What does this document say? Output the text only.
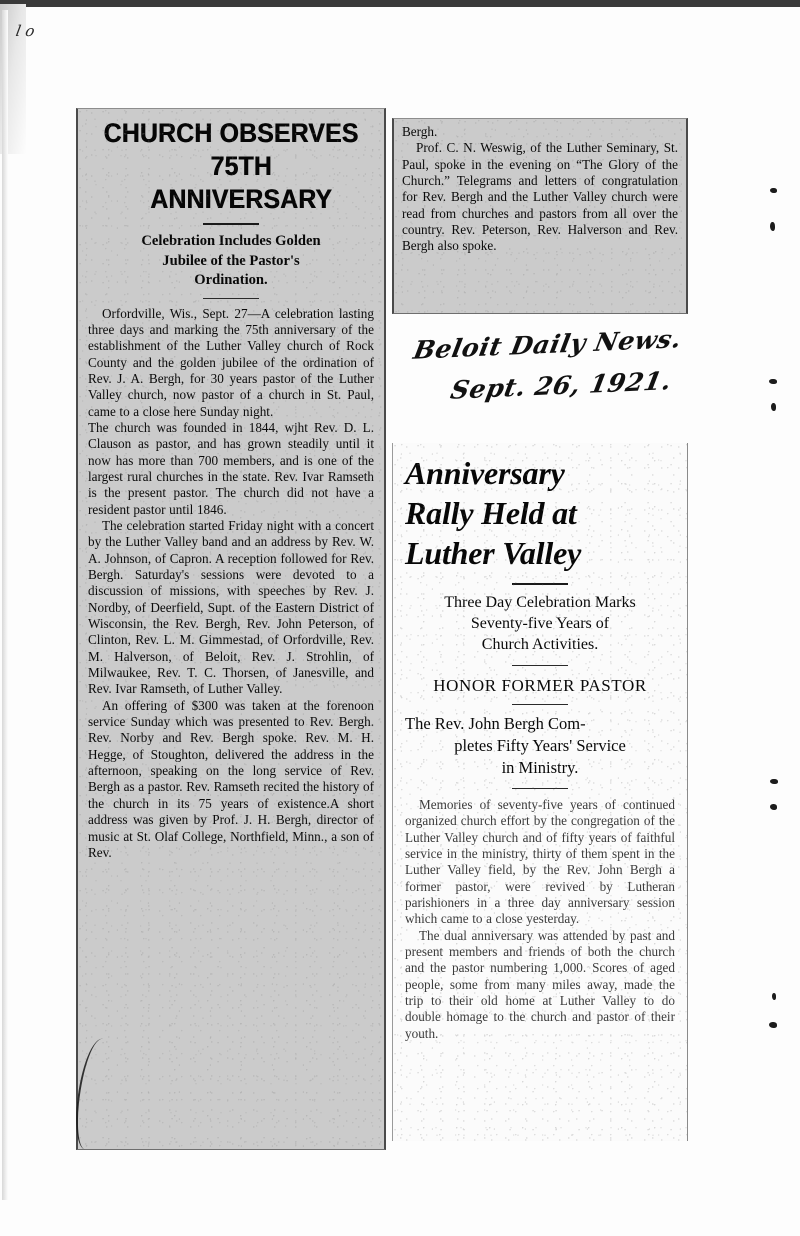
l o
CHURCH OBSERVES
75TH ANNIVERSARY
Celebration Includes Golden
Jubilee of the Pastor's
Ordination.

Orfordville, Wis., Sept. 27—A celebration lasting three days and marking the 75th anniversary of the establishment of the Luther Valley church of Rock County and the golden jubilee of the ordination of Rev. J. A. Bergh, for 30 years pastor of the Luther Valley church, now pastor of a church in St. Paul, came to a close here Sunday night.

The church was founded in 1844, wjht Rev. D. L. Clauson as pastor, and has grown steadily until it now has more than 700 members, and is one of the largest rural churches in the state. Rev. Ivar Ramseth is the present pastor. The church did not have a resident pastor until 1846.

The celebration started Friday night with a concert by the Luther Valley band and an address by Rev. W. A. Johnson, of Capron. A reception followed for Rev. Bergh. Saturday's sessions were devoted to a discussion of missions, with speeches by Rev. J. Nordby, of Deerfield, Supt. of the Eastern District of Wisconsin, the Rev. Bergh, Rev. John Peterson, of Clinton, Rev. L. M. Gimmestad, of Orfordville, Rev. M. Halverson, of Beloit, Rev. J. Strohlin, of Milwaukee, Rev. T. C. Thorsen, of Janesville, and Rev. Ivar Ramseth, of Luther Valley.

An offering of $300 was taken at the forenoon service Sunday which was presented to Rev. Bergh. Rev. Norby and Rev. Bergh spoke. Rev. M. H. Hegge, of Stoughton, delivered the address in the afternoon, speaking on the long service of Rev. Bergh as a pastor. Rev. Ramseth recited the history of the church in its 75 years of existence.A short address was given by Prof. J. H. Bergh, director of music at St. Olaf College, Northfield, Minn., a son of Rev.

Bergh.

Prof. C. N. Weswig, of the Luther Seminary, St. Paul, spoke in the evening on “The Glory of the Church.” Telegrams and letters of congratulation for Rev. Bergh and the Luther Valley church were read from churches and pastors from all over the country. Rev. Peterson, Rev. Halverson and Rev. Bergh also spoke.

Beloit Daily News.
Sept. 26, 1921.
Anniversary
Rally Held at
Luther Valley
Three Day Celebration Marks
Seventy-five Years of
Church Activities.
HONOR FORMER PASTOR
The Rev. John Bergh Com-
pletes Fifty Years' Service
in Ministry.

Memories of seventy-five years of continued organized church effort by the congregation of the Luther Valley church and of fifty years of faithful service in the ministry, thirty of them spent in the Luther Valley field, by the Rev. John Bergh a former pastor, were revived by Lutheran parishioners in a three day anniversary session which came to a close yesterday.

The dual anniversary was attended by past and present members and friends of both the church and the pastor numbering 1,000. Scores of aged people, some from many miles away, made the trip to their old home at Luther Valley to do double homage to the church and pastor of their youth.
